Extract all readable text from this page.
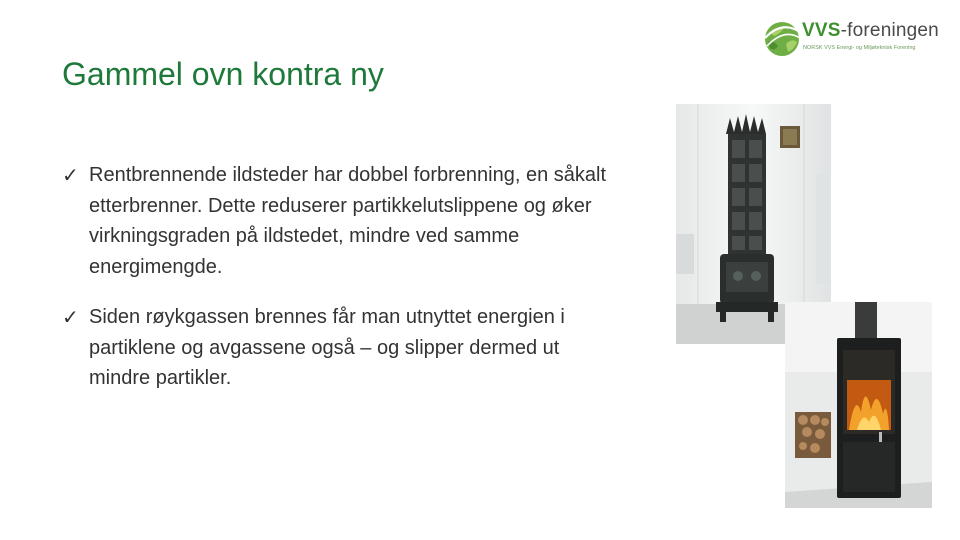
Gammel ovn kontra ny
VVS-foreningen
NORSK VVS Energi- og Miljøteknisk Forening
✓ Rentbrennende ildsteder har dobbel forbrenning, en såkalt etterbrenner. Dette reduserer partikkelutslippene og øker virkningsgraden på ildstedet, mindre ved samme energimengde.
✓ Siden røykgassen brennes får man utnyttet energien i partiklene og avgassene også – og slipper dermed ut mindre partikler.
